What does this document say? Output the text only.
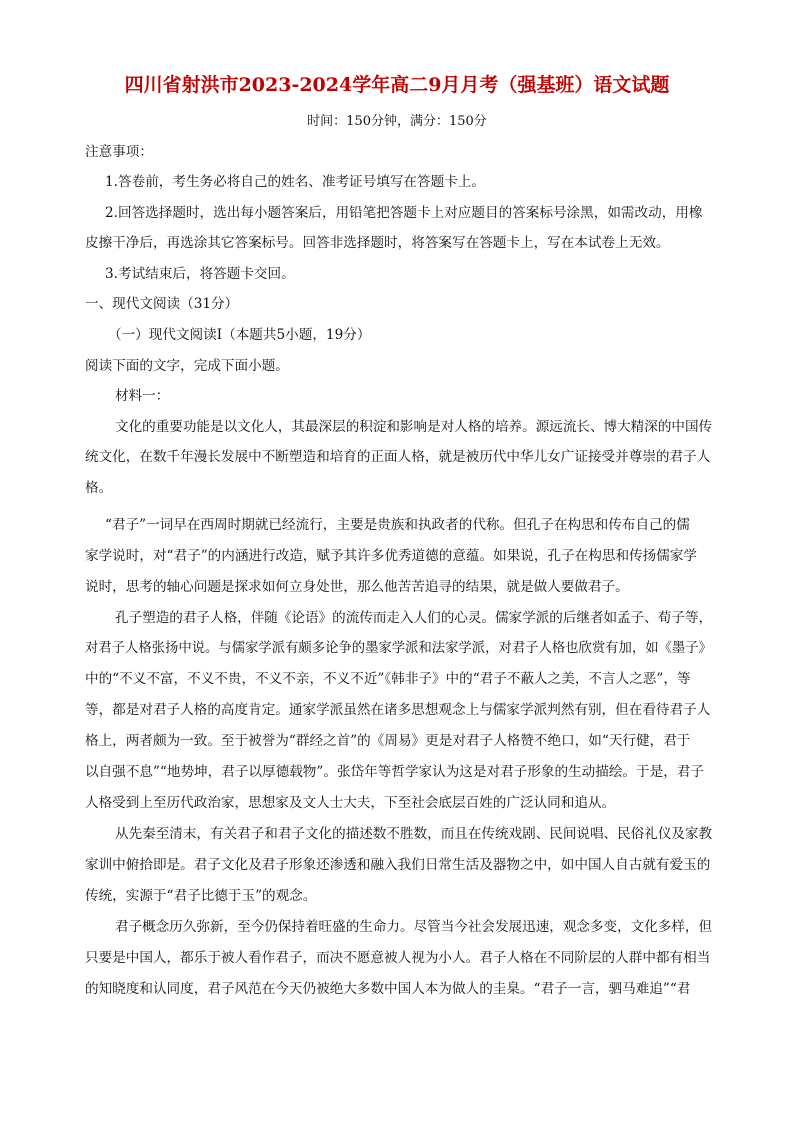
四川省射洪市2023-2024学年高二9月月考（强基班）语文试题
时间：150分钟，满分：150分
注意事项：
1.答卷前，考生务必将自己的姓名、准考证号填写在答题卡上。
2.回答选择题时，选出每小题答案后，用铅笔把答题卡上对应题目的答案标号涂黑，如需改动，用橡
皮擦干净后，再选涂其它答案标号。回答非选择题时，将答案写在答题卡上，写在本试卷上无效。
3.考试结束后，将答题卡交回。
一、现代文阅读（31分）
（一）现代文阅读Ⅰ（本题共5小题，19分）
阅读下面的文字，完成下面小题。
材料一：
文化的重要功能是以文化人，其最深层的积淀和影响是对人格的培养。源远流长、博大精深的中国传
统文化，在数千年漫长发展中不断塑造和培育的正面人格，就是被历代中华儿女广证接受并尊崇的君子人
格。
“君子”一词早在西周时期就已经流行，主要是贵族和执政者的代称。但孔子在构思和传布自己的儒
家学说时，对“君子”的内涵进行改造，赋予其许多优秀道德的意蕴。如果说，孔子在构思和传扬儒家学
说时，思考的轴心问题是探求如何立身处世，那么他苦苦追寻的结果，就是做人要做君子。
孔子塑造的君子人格，伴随《论语》的流传而走入人们的心灵。儒家学派的后继者如孟子、荀子等，
对君子人格张扬中说。与儒家学派有颇多论争的墨家学派和法家学派，对君子人格也欣赏有加，如《墨子》
中的“不义不富，不义不贵，不义不亲，不义不近”《韩非子》中的“君子不蔽人之美，不言人之恶”，等
等，都是对君子人格的高度肯定。通家学派虽然在诸多思想观念上与儒家学派判然有别，但在看待君子人
格上，两者颇为一致。至于被誉为“群经之首”的《周易》更是对君子人格赞不绝口，如“天行健，君于
以自强不息”“地势坤，君子以厚德载物”。张岱年等哲学家认为这是对君子形象的生动描绘。于是，君子
人格受到上至历代政治家，思想家及文人士大夫，下至社会底层百姓的广泛认同和追从。
从先秦至清末，有关君子和君子文化的描述数不胜数，而且在传统戏剧、民间说唱、民俗礼仪及家教
家训中俯拾即是。君子文化及君子形象还渗透和融入我们日常生活及器物之中，如中国人自古就有爱玉的
传统，实源于“君子比德于玉”的观念。
君子概念历久弥新，至今仍保持着旺盛的生命力。尽管当今社会发展迅速，观念多变，文化多样，但
只要是中国人，都乐于被人看作君子，而决不愿意被人视为小人。君子人格在不同阶层的人群中都有相当
的知晓度和认同度，君子风范在今天仍被绝大多数中国人本为做人的圭臬。“君子一言，驷马难追”“君
